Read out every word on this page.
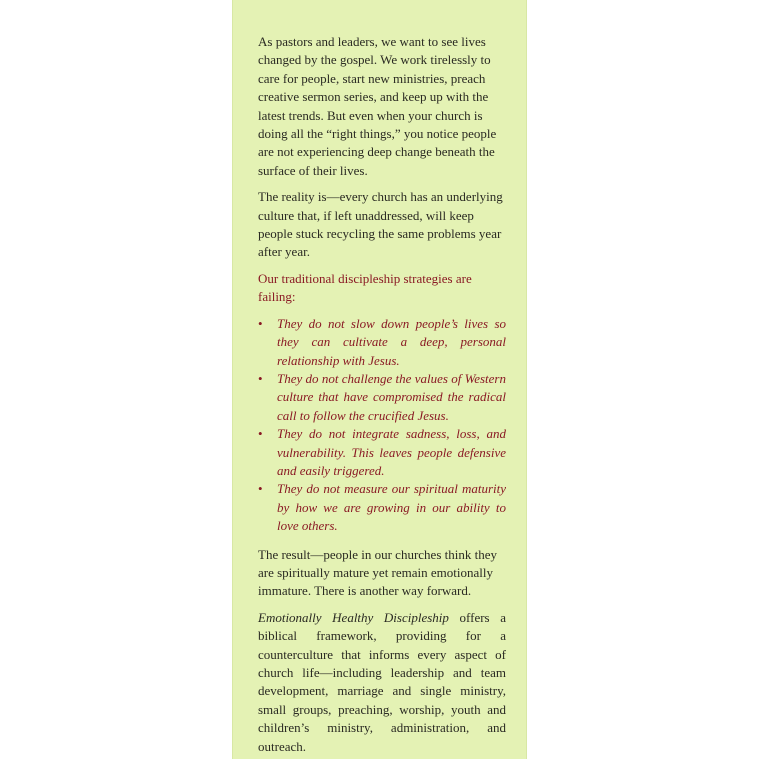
As pastors and leaders, we want to see lives changed by the gospel. We work tirelessly to care for people, start new ministries, preach creative sermon series, and keep up with the latest trends. But even when your church is doing all the “right things,” you notice people are not experiencing deep change beneath the surface of their lives.

The reality is—every church has an underlying culture that, if left unaddressed, will keep people stuck recycling the same problems year after year.

Our traditional discipleship strategies are failing:

• They do not slow down people’s lives so they can cultivate a deep, personal relationship with Jesus.
• They do not challenge the values of Western culture that have compromised the radical call to follow the crucified Jesus.
• They do not integrate sadness, loss, and vulnerability. This leaves people defensive and easily triggered.
• They do not measure our spiritual maturity by how we are growing in our ability to love others.

The result—people in our churches think they are spiritually mature yet remain emotionally immature. There is another way forward.

Emotionally Healthy Discipleship offers a biblical framework, providing for a counterculture that informs every aspect of church life—including leadership and team development, marriage and single ministry, small groups, preaching, worship, youth and children’s ministry, administration, and outreach.
